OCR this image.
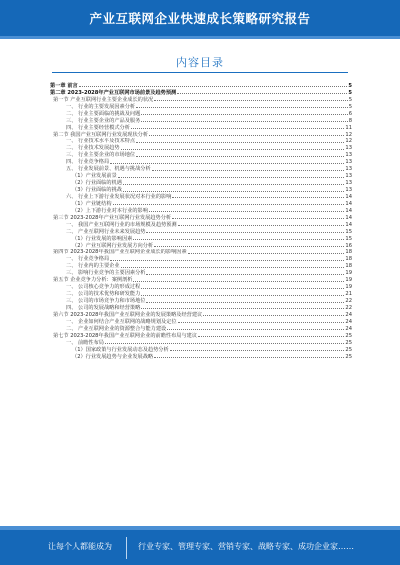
产业互联网企业快速成长策略研究报告
内容目录
第一章 前言	5
第二章 2023-2028年产业互联网市场前景及趋势预测	5
第一节 产业互联网行业主要企业成长的状况	5
一、 行业的主要发展因素分析	5
二、 行业主要面临的挑战及问题	6
三、 行业主要企业的产品及服务	8
四、 行业主要经营模式分析	11
第二节 我国产业互联网行业发展现状分析	12
一、 行业技术水平及技术特点	12
二、 行业技术发展趋势	13
三、 行业主要企业的市场地位	13
四、 行业竞争格局	13
五、 行业发展前景、机遇与挑战分析	13
（1）产业发展前景	13
（2）行业面临的机遇	13
（3）行业面临的挑战	13
六、 行业上下游行业发展状况对本行业的影响	14
（1）产业链结构	14
（2）上下游行业对本行业的影响	14
第三节 2023-2028年产业互联网行业发展趋势分析	14
一、 我国产业互联网行业的市场规模及趋势预测	14
二、 产业互联网行业未来发展趋势	15
（1）行业发展的影响因素	15
（2）产业互联网行业发展方向分析	16
第四节 2023-2028年我国产业互联网企业成长的影响因素	18
一、 行业竞争格局	18
二、 行业内的主要企业	18
三、 影响行业竞争的主要因素分析	19
第五节 企业竞争力分析：案例剖析	19
一、 公司核心竞争力的形成过程	19
二、 公司的技术优势和研发能力	21
三、 公司的市场竞争力和市场地位	22
四、 公司的发展战略和经营策略	22
第六节 2023-2028年我国产业互联网企业的发展策略及经营建议	24
一、 企业如何结合产业互联网的战略规划及定位	24
二、 产业互联网企业的资源整合与能力建设	24
第七节 2023-2028年我国产业互联网企业的前瞻性布局与建议	25
一、 前瞻性布局	25
（1）国家政策与行业发展动态及趋势分析	25
（2）行业发展趋势与企业发展战略	25
让每个人都能成为	行业专家、管理专家、营销专家、战略专家、成功企业家……
